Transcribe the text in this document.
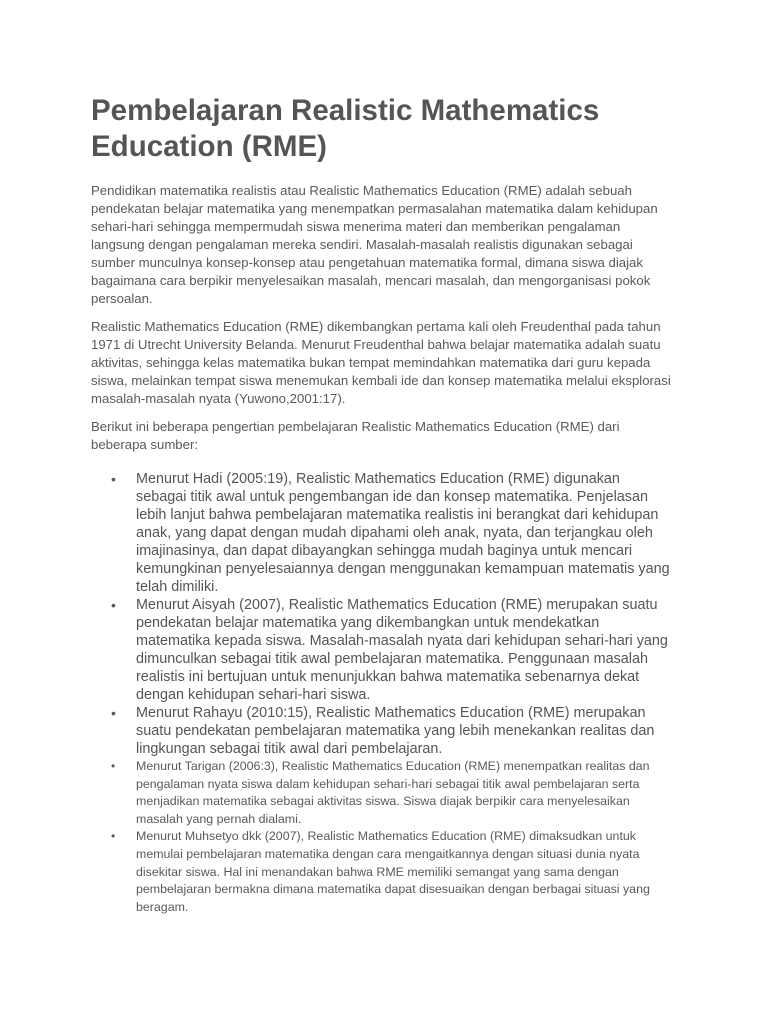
Pembelajaran Realistic Mathematics Education (RME)

Pendidikan matematika realistis atau Realistic Mathematics Education (RME) adalah sebuah pendekatan belajar matematika yang menempatkan permasalahan matematika dalam kehidupan sehari-hari sehingga mempermudah siswa menerima materi dan memberikan pengalaman langsung dengan pengalaman mereka sendiri. Masalah-masalah realistis digunakan sebagai sumber munculnya konsep-konsep atau pengetahuan matematika formal, dimana siswa diajak bagaimana cara berpikir menyelesaikan masalah, mencari masalah, dan mengorganisasi pokok persoalan.

Realistic Mathematics Education (RME) dikembangkan pertama kali oleh Freudenthal pada tahun 1971 di Utrecht University Belanda. Menurut Freudenthal bahwa belajar matematika adalah suatu aktivitas, sehingga kelas matematika bukan tempat memindahkan matematika dari guru kepada siswa, melainkan tempat siswa menemukan kembali ide dan konsep matematika melalui eksplorasi masalah-masalah nyata (Yuwono,2001:17).

Berikut ini beberapa pengertian pembelajaran Realistic Mathematics Education (RME) dari beberapa sumber:

• Menurut Hadi (2005:19), Realistic Mathematics Education (RME) digunakan sebagai titik awal untuk pengembangan ide dan konsep matematika. Penjelasan lebih lanjut bahwa pembelajaran matematika realistis ini berangkat dari kehidupan anak, yang dapat dengan mudah dipahami oleh anak, nyata, dan terjangkau oleh imajinasinya, dan dapat dibayangkan sehingga mudah baginya untuk mencari kemungkinan penyelesaiannya dengan menggunakan kemampuan matematis yang telah dimiliki.
• Menurut Aisyah (2007), Realistic Mathematics Education (RME) merupakan suatu pendekatan belajar matematika yang dikembangkan untuk mendekatkan matematika kepada siswa. Masalah-masalah nyata dari kehidupan sehari-hari yang dimunculkan sebagai titik awal pembelajaran matematika. Penggunaan masalah realistis ini bertujuan untuk menunjukkan bahwa matematika sebenarnya dekat dengan kehidupan sehari-hari siswa.
• Menurut Rahayu (2010:15), Realistic Mathematics Education (RME) merupakan suatu pendekatan pembelajaran matematika yang lebih menekankan realitas dan lingkungan sebagai titik awal dari pembelajaran.
• Menurut Tarigan (2006:3), Realistic Mathematics Education (RME) menempatkan realitas dan pengalaman nyata siswa dalam kehidupan sehari-hari sebagai titik awal pembelajaran serta menjadikan matematika sebagai aktivitas siswa. Siswa diajak berpikir cara menyelesaikan masalah yang pernah dialami.
• Menurut Muhsetyo dkk (2007), Realistic Mathematics Education (RME) dimaksudkan untuk memulai pembelajaran matematika dengan cara mengaitkannya dengan situasi dunia nyata disekitar siswa. Hal ini menandakan bahwa RME memiliki semangat yang sama dengan pembelajaran bermakna dimana matematika dapat disesuaikan dengan berbagai situasi yang beragam.
